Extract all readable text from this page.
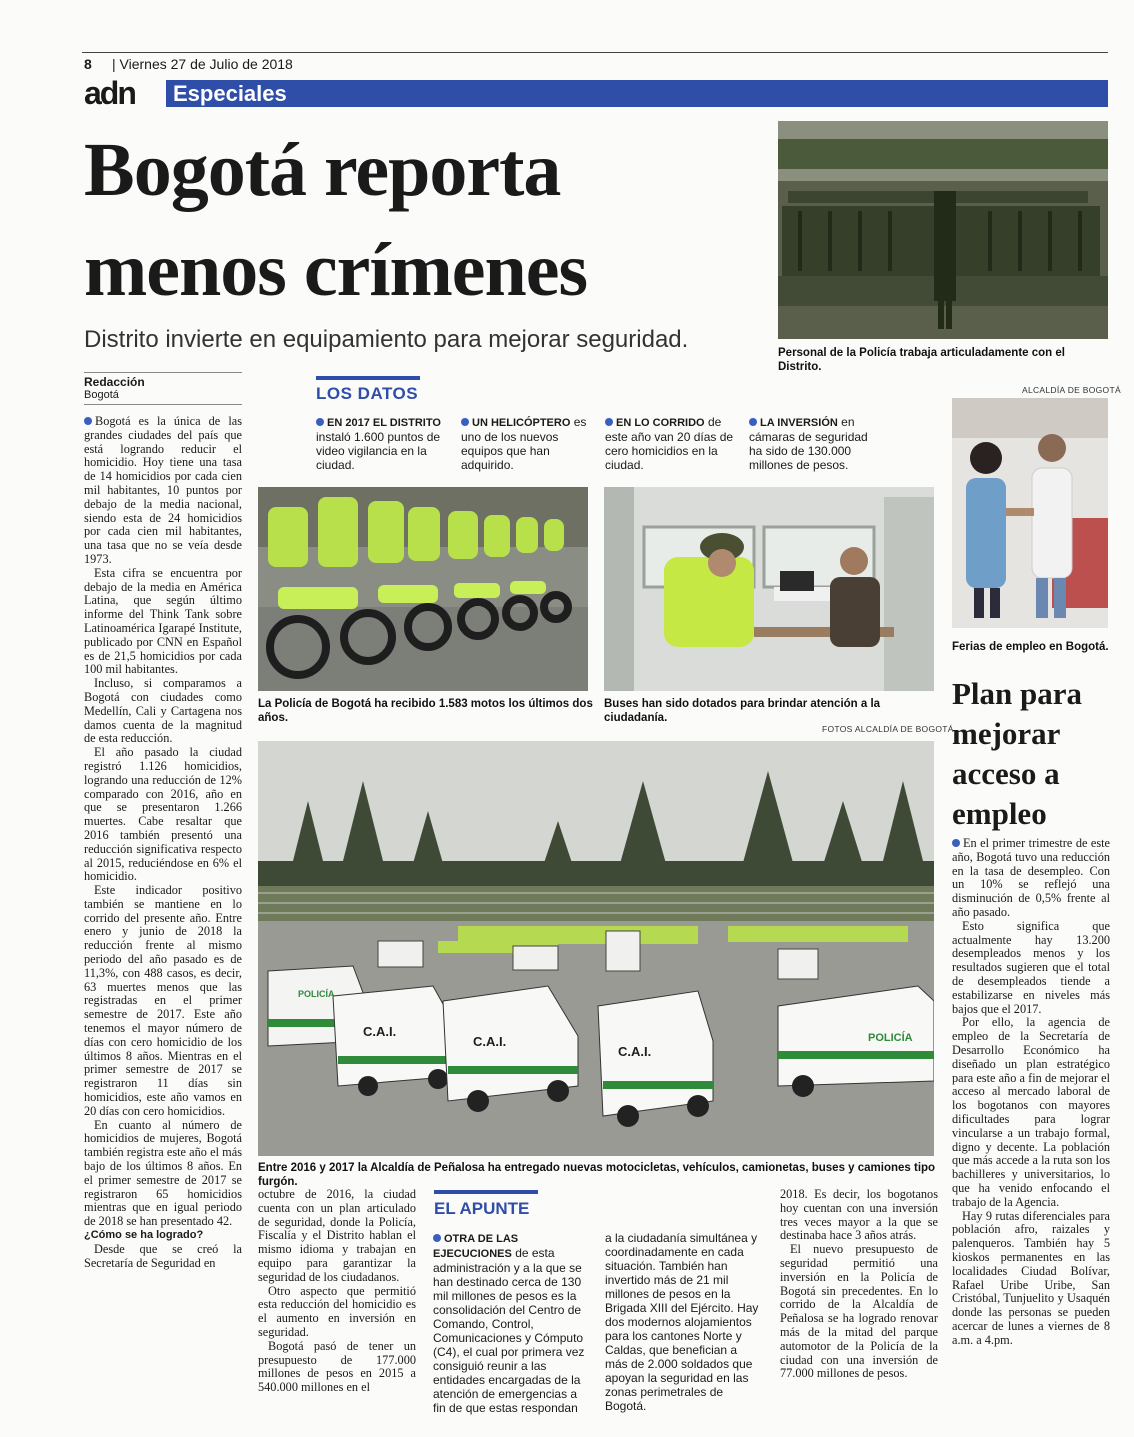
8 | Viernes 27 de Julio de 2018
adn Especiales
Bogotá reporta
menos crímenes
Distrito invierte en equipamiento para mejorar seguridad.	Personal de la Policía trabaja articuladamente con el Distrito.
Redacción
Bogotá

Bogotá es la única de las grandes ciudades del país que está logrando reducir el homicidio. Hoy tiene una tasa de 14 homicidios por cada cien mil habitantes, 10 puntos por debajo de la media nacional, siendo esta de 24 homicidios por cada cien mil habitantes, una tasa que no se veía desde 1973.

Esta cifra se encuentra por debajo de la media en América Latina, que según último informe del Think Tank sobre Latinoamérica Igarapé Institute, publicado por CNN en Español es de 21,5 homicidios por cada 100 mil habitantes.

Incluso, si comparamos a Bogotá con ciudades como Medellín, Cali y Cartagena nos damos cuenta de la magnitud de esta reducción.

El año pasado la ciudad registró 1.126 homicidios, logrando una reducción de 12% comparado con 2016, año en que se presentaron 1.266 muertes. Cabe resaltar que 2016 también presentó una reducción significativa respecto al 2015, reduciéndose en 6% el homicidio.

Este indicador positivo también se mantiene en lo corrido del presente año. Entre enero y junio de 2018 la reducción frente al mismo periodo del año pasado es de 11,3%, con 488 casos, es decir, 63 muertes menos que las registradas en el primer semestre de 2017. Este año tenemos el mayor número de días con cero homicidio de los últimos 8 años. Mientras en el primer semestre de 2017 se registraron 11 días sin homicidios, este año vamos en 20 días con cero homicidios.

En cuanto al número de homicidios de mujeres, Bogotá también registra este año el más bajo de los últimos 8 años. En el primer semestre de 2017 se registraron 65 homicidios mientras que en igual periodo de 2018 se han presentado 42.

¿Cómo se ha logrado?

Desde que se creó la Secretaría de Seguridad en

LOS DATOS
EN 2017 EL DISTRITO instaló 1.600 puntos de video vigilancia en la ciudad.
UN HELICÓPTERO es uno de los nuevos equipos que han adquirido.
EN LO CORRIDO de este año van 20 días de cero homicidios en la ciudad.
LA INVERSIÓN en cámaras de seguridad ha sido de 130.000 millones de pesos.
La Policía de Bogotá ha recibido 1.583 motos los últimos dos años.
Buses han sido dotados para brindar atención a la ciudadanía.
FOTOS ALCALDÍA DE BOGOTÁ
POLICÍA
C.A.I.
C.A.I.
C.A.I.
POLICÍA
Entre 2016 y 2017 la Alcaldía de Peñalosa ha entregado nuevas motocicletas, vehículos, camionetas, buses y camiones tipo furgón.

octubre de 2016, la ciudad cuenta con un plan articulado de seguridad, donde la Policía, Fiscalía y el Distrito hablan el mismo idioma y trabajan en equipo para garantizar la seguridad de los ciudadanos.

Otro aspecto que permitió esta reducción del homicidio es el aumento en inversión en seguridad.

Bogotá pasó de tener un presupuesto de 177.000 millones de pesos en 2015 a 540.000 millones en el

EL APUNTE
OTRA DE LAS EJECUCIONES de esta administración y a la que se han destinado cerca de 130 mil millones de pesos es la consolidación del Centro de Comando, Control, Comunicaciones y Cómputo (C4), el cual por primera vez consiguió reunir a las entidades encargadas de la atención de emergencias a fin de que estas respondan
a la ciudadanía simultánea y coordinadamente en cada situación. También han invertido más de 21 mil millones de pesos en la Brigada XIII del Ejército. Hay dos modernos alojamientos para los cantones Norte y Caldas, que benefician a más de 2.000 soldados que apoyan la seguridad en las zonas perimetrales de Bogotá.

2018. Es decir, los bogotanos hoy cuentan con una inversión tres veces mayor a la que se destinaba hace 3 años atrás.

El nuevo presupuesto de seguridad permitió una inversión en la Policía de Bogotá sin precedentes. En lo corrido de la Alcaldía de Peñalosa se ha logrado renovar más de la mitad del parque automotor de la Policía de la ciudad con una inversión de 77.000 millones de pesos.

ALCALDÍA DE BOGOTÁ
Ferias de empleo en Bogotá.
Plan para mejorar acceso a empleo

En el primer trimestre de este año, Bogotá tuvo una reducción en la tasa de desempleo. Con un 10% se reflejó una disminución de 0,5% frente al año pasado.

Esto significa que actualmente hay 13.200 desempleados menos y los resultados sugieren que el total de desempleados tiende a estabilizarse en niveles más bajos que el 2017.

Por ello, la agencia de empleo de la Secretaría de Desarrollo Económico ha diseñado un plan estratégico para este año a fin de mejorar el acceso al mercado laboral de los bogotanos con mayores dificultades para lograr vincularse a un trabajo formal, digno y decente. La población que más accede a la ruta son los bachilleres y universitarios, lo que ha venido enfocando el trabajo de la Agencia.

Hay 9 rutas diferenciales para población afro, raizales y palenqueros. También hay 5 kioskos permanentes en las localidades Ciudad Bolívar, Rafael Uribe Uribe, San Cristóbal, Tunjuelito y Usaquén donde las personas se pueden acercar de lunes a viernes de 8 a.m. a 4.pm.
